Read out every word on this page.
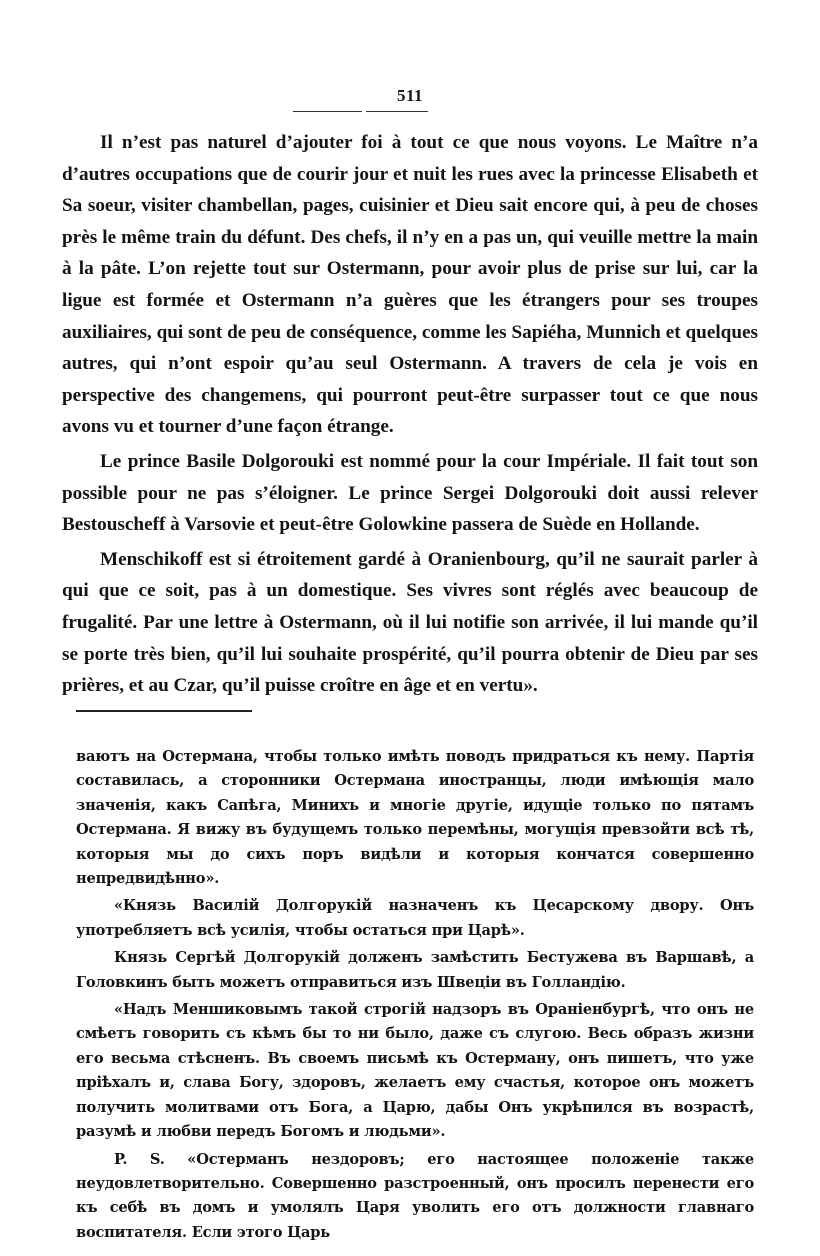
511

Il n’est pas naturel d’ajouter foi à tout ce que nous voyons. Le Maître n’a d’autres occupations que de courir jour et nuit les rues avec la princesse Elisabeth et Sa soeur, visiter chambellan, pages, cuisinier et Dieu sait encore qui, à peu de choses près le même train du défunt. Des chefs, il n’y en a pas un, qui veuille mettre la main à la pâte. L’on rejette tout sur Ostermann, pour avoir plus de prise sur lui, car la ligue est formée et Ostermann n’a guères que les étrangers pour ses troupes auxiliaires, qui sont de peu de conséquence, comme les Sapiéha, Munnich et quelques autres, qui n’ont espoir qu’au seul Ostermann. A travers de cela je vois en perspective des changemens, qui pourront peut-être surpasser tout ce que nous avons vu et tourner d’une façon étrange.

Le prince Basile Dolgorouki est nommé pour la cour Impériale. Il fait tout son possible pour ne pas s’éloigner. Le prince Sergei Dolgorouki doit aussi relever Bestouscheff à Varsovie et peut-être Golowkine passera de Suède en Hollande.

Menschikoff est si étroitement gardé à Oranienbourg, qu’il ne saurait parler à qui que ce soit, pas à un domestique. Ses vivres sont réglés avec beaucoup de frugalité. Par une lettre à Ostermann, où il lui notifie son arrivée, il lui mande qu’il se porte très bien, qu’il lui souhaite prospérité, qu’il pourra obtenir de Dieu par ses prières, et au Czar, qu’il puisse croître en âge et en vertu».

ваютъ на Остермана, чтобы только имѣть поводъ придраться къ нему. Партія составилась, а сторонники Остермана иностранцы, люди имѣющія мало значенія, какъ Сапѣга, Минихъ и многіе другіе, идущіе только по пятамъ Остермана. Я вижу въ будущемъ только перемѣны, могущія превзойти всѣ тѣ, которыя мы до сихъ поръ видѣли и которыя кончатся совершенно непредвидѣнно».

«Князь Василій Долгорукій назначенъ къ Цесарскому двору. Онъ употребляетъ всѣ усилія, чтобы остаться при Царѣ».

Князь Сергѣй Долгорукій долженъ замѣстить Бестужева въ Варшавѣ, а Головкинъ быть можетъ отправиться изъ Швеціи въ Голландію.

«Надъ Меншиковымъ такой строгій надзоръ въ Ораніенбургѣ, что онъ не смѣетъ говорить съ кѣмъ бы то ни было, даже съ слугою. Весь образъ жизни его весьма стѣсненъ. Въ своемъ письмѣ къ Остерману, онъ пишетъ, что уже пріѣхалъ и, слава Богу, здоровъ, желаетъ ему счастья, которое онъ можетъ получить молитвами отъ Бога, а Царю, дабы Онъ укрѣпился въ возрастѣ, разумѣ и любви передъ Богомъ и людьми».

P. S. «Остерманъ нездоровъ; его настоящее положеніе также неудовлетворительно. Совершенно разстроенный, онъ просилъ перенести его къ себѣ въ домъ и умолялъ Царя уволить его отъ должности главнаго воспитателя. Если этого Царь
